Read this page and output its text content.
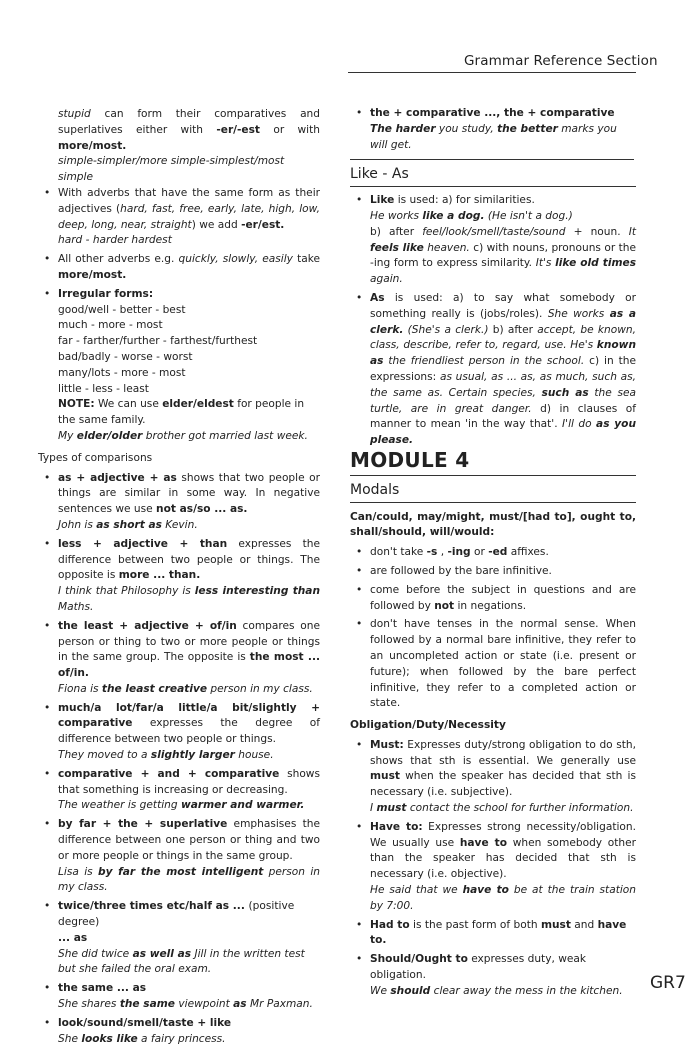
Grammar Reference Section

stupid can form their comparatives and superlatives either with -er/-est or with more/most.

simple-simpler/more simple-simplest/most simple

• With adverbs that have the same form as their adjectives (hard, fast, free, early, late, high, low, deep, long, near, straight) we add -er/est.
hard - harder hardest
• All other adverbs e.g. quickly, slowly, easily take more/most.
• Irregular forms:
good/well - better - best
much - more - most
far - farther/further - farthest/furthest
bad/badly - worse - worst
many/lots - more - most
little - less - least
NOTE: We can use elder/eldest for people in the same family.
My elder/older brother got married last week.
Types of comparisons
• as + adjective + as shows that two people or things are similar in some way. In negative sentences we use not as/so ... as.
John is as short as Kevin.
• less + adjective + than expresses the difference between two people or things. The opposite is more ... than.
I think that Philosophy is less interesting than Maths.
• the least + adjective + of/in compares one person or thing to two or more people or things in the same group. The opposite is the most ... of/in.
Fiona is the least creative person in my class.
• much/a lot/far/a little/a bit/slightly + comparative expresses the degree of difference between two people or things.
They moved to a slightly larger house.
• comparative + and + comparative shows that something is increasing or decreasing.
The weather is getting warmer and warmer.
• by far + the + superlative emphasises the difference between one person or thing and two or more people or things in the same group.
Lisa is by far the most intelligent person in my class.
• twice/three times etc/half as ... (positive degree)
... as
She did twice as well as Jill in the written test but she failed the oral exam.
• the same ... as
She shares the same viewpoint as Mr Paxman.
• look/sound/smell/taste + like
She looks like a fairy princess.
• the + comparative ..., the + comparative
The harder you study, the better marks you will get.
Like - As
• Like is used: a) for similarities.
He works like a dog. (He isn't a dog.)
b) after feel/look/smell/taste/sound + noun. It feels like heaven. c) with nouns, pronouns or the -ing form to express similarity. It's like old times again.
• As is used: a) to say what somebody or something really is (jobs/roles). She works as a clerk. (She's a clerk.) b) after accept, be known, class, describe, refer to, regard, use. He's known as the friendliest person in the school. c) in the expressions: as usual, as ... as, as much, such as, the same as. Certain species, such as the sea turtle, are in great danger. d) in clauses of manner to mean 'in the way that'. I'll do as you please.
MODULE 4
Modals
Can/could, may/might, must/[had to], ought to, shall/should, will/would:
• don't take -s , -ing or -ed affixes.
• are followed by the bare infinitive.
• come before the subject in questions and are followed by not in negations.
• don't have tenses in the normal sense. When followed by a normal bare infinitive, they refer to an uncompleted action or state (i.e. present or future); when followed by the bare perfect infinitive, they refer to a completed action or state.
Obligation/Duty/Necessity
• Must: Expresses duty/strong obligation to do sth, shows that sth is essential. We generally use must when the speaker has decided that sth is necessary (i.e. subjective).
I must contact the school for further information.
• Have to: Expresses strong necessity/obligation. We usually use have to when somebody other than the speaker has decided that sth is necessary (i.e. objective).
He said that we have to be at the train station by 7:00.
• Had to is the past form of both must and have to.
• Should/Ought to expresses duty, weak obligation.
We should clear away the mess in the kitchen.	GR7
